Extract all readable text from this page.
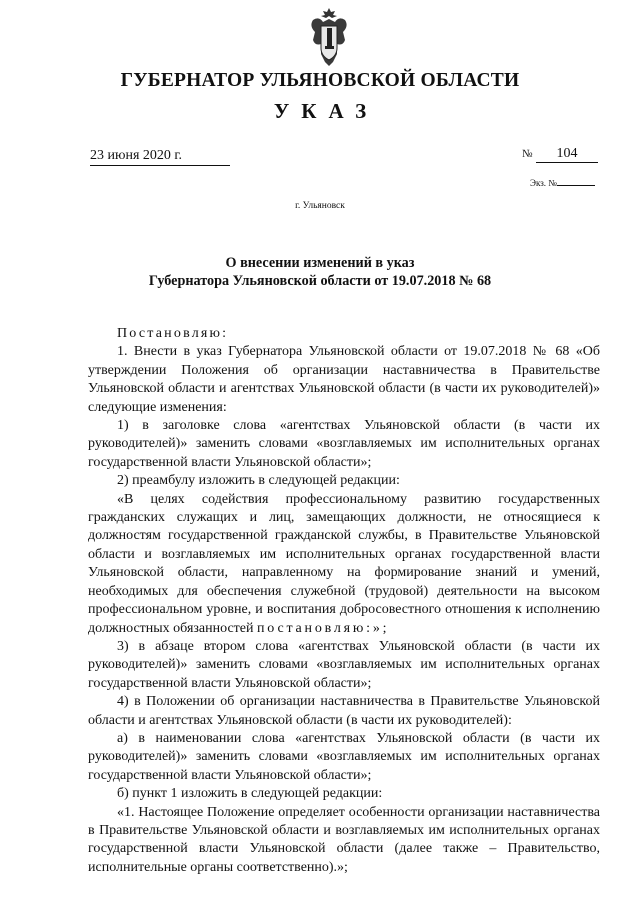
ГУБЕРНАТОР УЛЬЯНОВСКОЙ ОБЛАСТИ
УКАЗ
23 июня 2020 г.	№ 104
Экз. №
г. Ульяновск
О внесении изменений в указ
Губернатора Ульяновской области от 19.07.2018 № 68

Постановляю:

1. Внести в указ Губернатора Ульяновской области от 19.07.2018 № 68 «Об утверждении Положения об организации наставничества в Правительстве Ульяновской области и агентствах Ульяновской области (в части их руководителей)» следующие изменения:

1) в заголовке слова «агентствах Ульяновской области (в части их руководителей)» заменить словами «возглавляемых им исполнительных органах государственной власти Ульяновской области»;

2) преамбулу изложить в следующей редакции:

«В целях содействия профессиональному развитию государственных гражданских служащих и лиц, замещающих должности, не относящиеся к должностям государственной гражданской службы, в Правительстве Ульяновской области и возглавляемых им исполнительных органах государственной власти Ульяновской области, направленному на формирование знаний и умений, необходимых для обеспечения служебной (трудовой) деятельности на высоком профессиональном уровне, и воспитания добросовестного отношения к исполнению должностных обязанностей постановляю:»;

3) в абзаце втором слова «агентствах Ульяновской области (в части их руководителей)» заменить словами «возглавляемых им исполнительных органах государственной власти Ульяновской области»;

4) в Положении об организации наставничества в Правительстве Ульяновской области и агентствах Ульяновской области (в части их руководителей):

а) в наименовании слова «агентствах Ульяновской области (в части их руководителей)» заменить словами «возглавляемых им исполнительных органах государственной власти Ульяновской области»;

б) пункт 1 изложить в следующей редакции:

«1. Настоящее Положение определяет особенности организации наставничества в Правительстве Ульяновской области и возглавляемых им исполнительных органах государственной власти Ульяновской области (далее также – Правительство, исполнительные органы соответственно).»;
